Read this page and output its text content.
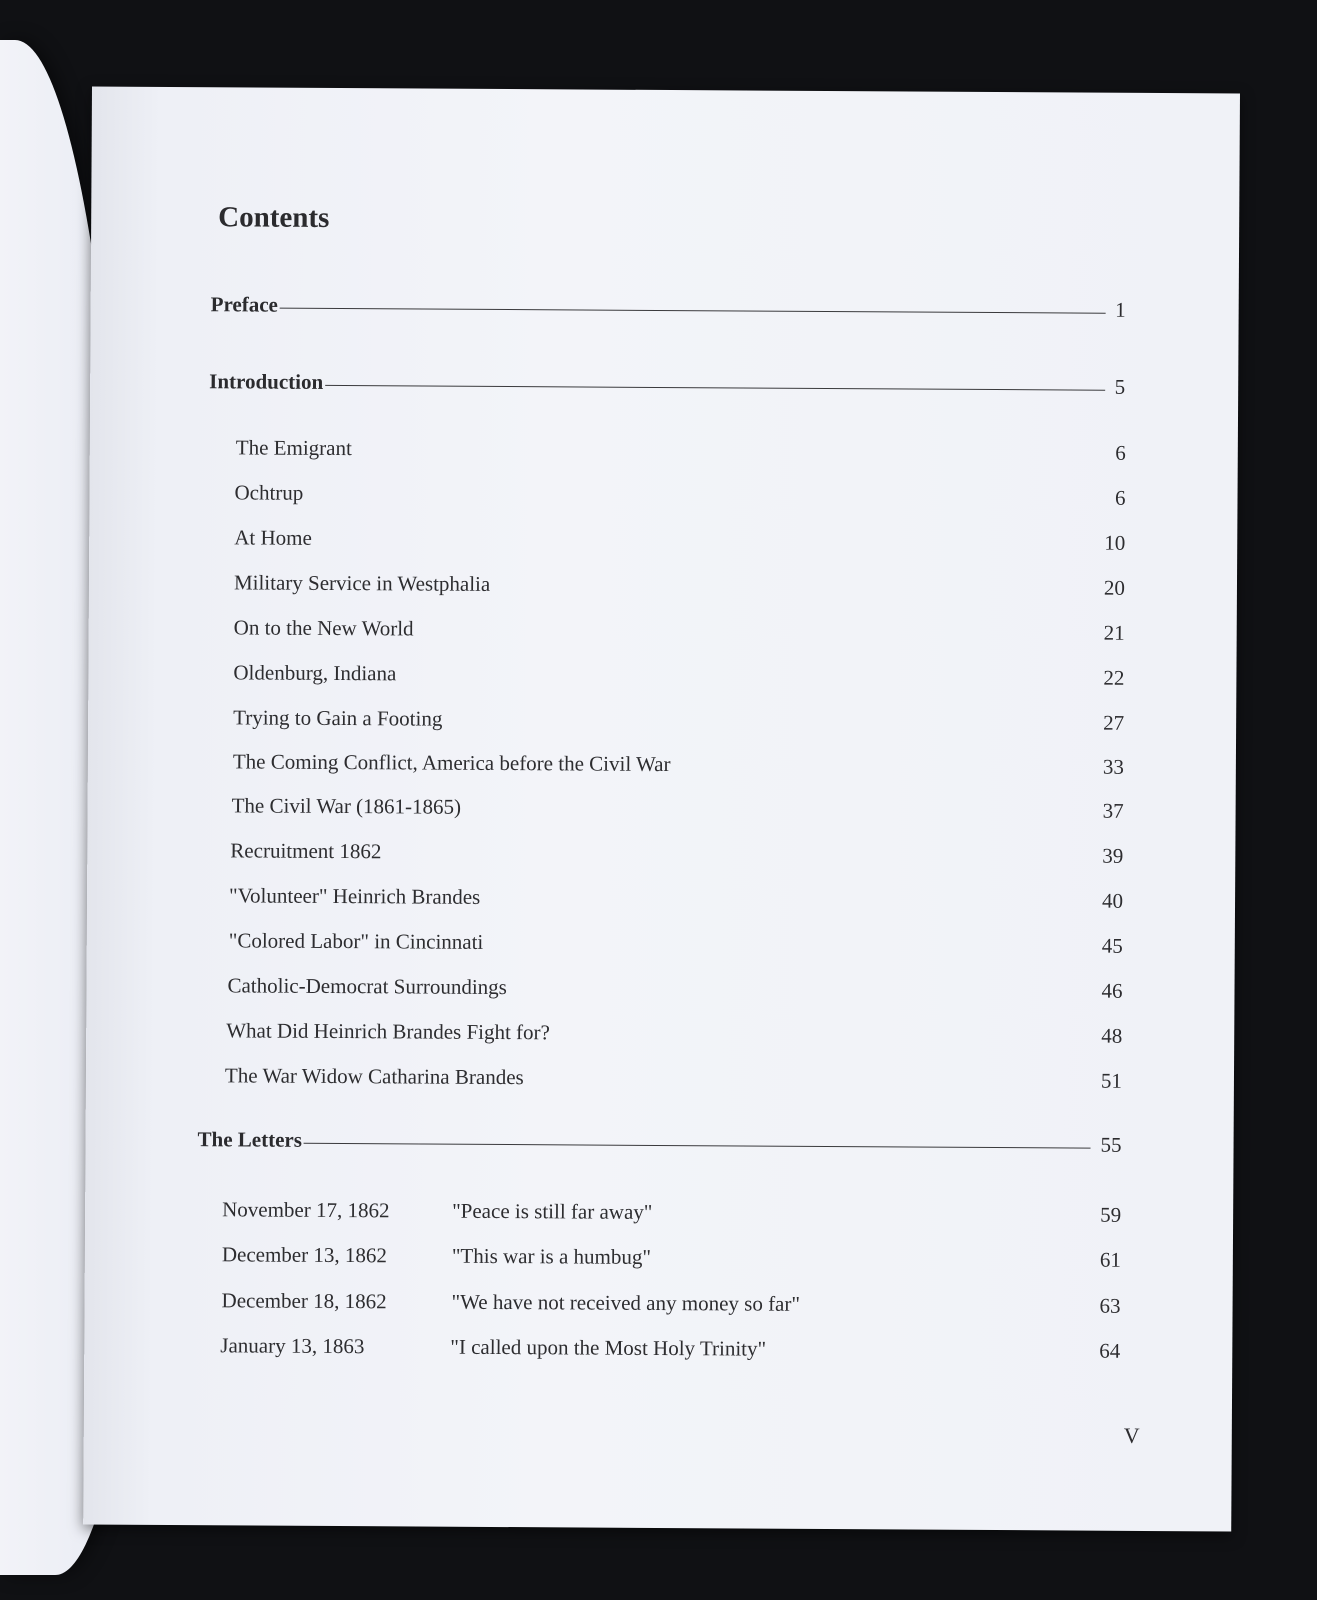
Contents
Preface	1
Introduction	5
The Emigrant	6
Ochtrup	6
At Home	10
Military Service in Westphalia	20
On to the New World	21
Oldenburg, Indiana	22
Trying to Gain a Footing	27
The Coming Conflict, America before the Civil War	33
The Civil War (1861-1865)	37
Recruitment 1862	39
"Volunteer" Heinrich Brandes	40
"Colored Labor" in Cincinnati	45
Catholic-Democrat Surroundings	46
What Did Heinrich Brandes Fight for?	48
The War Widow Catharina Brandes	51
The Letters	55
November 17, 1862	"Peace is still far away"	59
December 13, 1862	"This war is a humbug"	61
December 18, 1862	"We have not received any money so far"	63
January 13, 1863	"I called upon the Most Holy Trinity"	64
V
